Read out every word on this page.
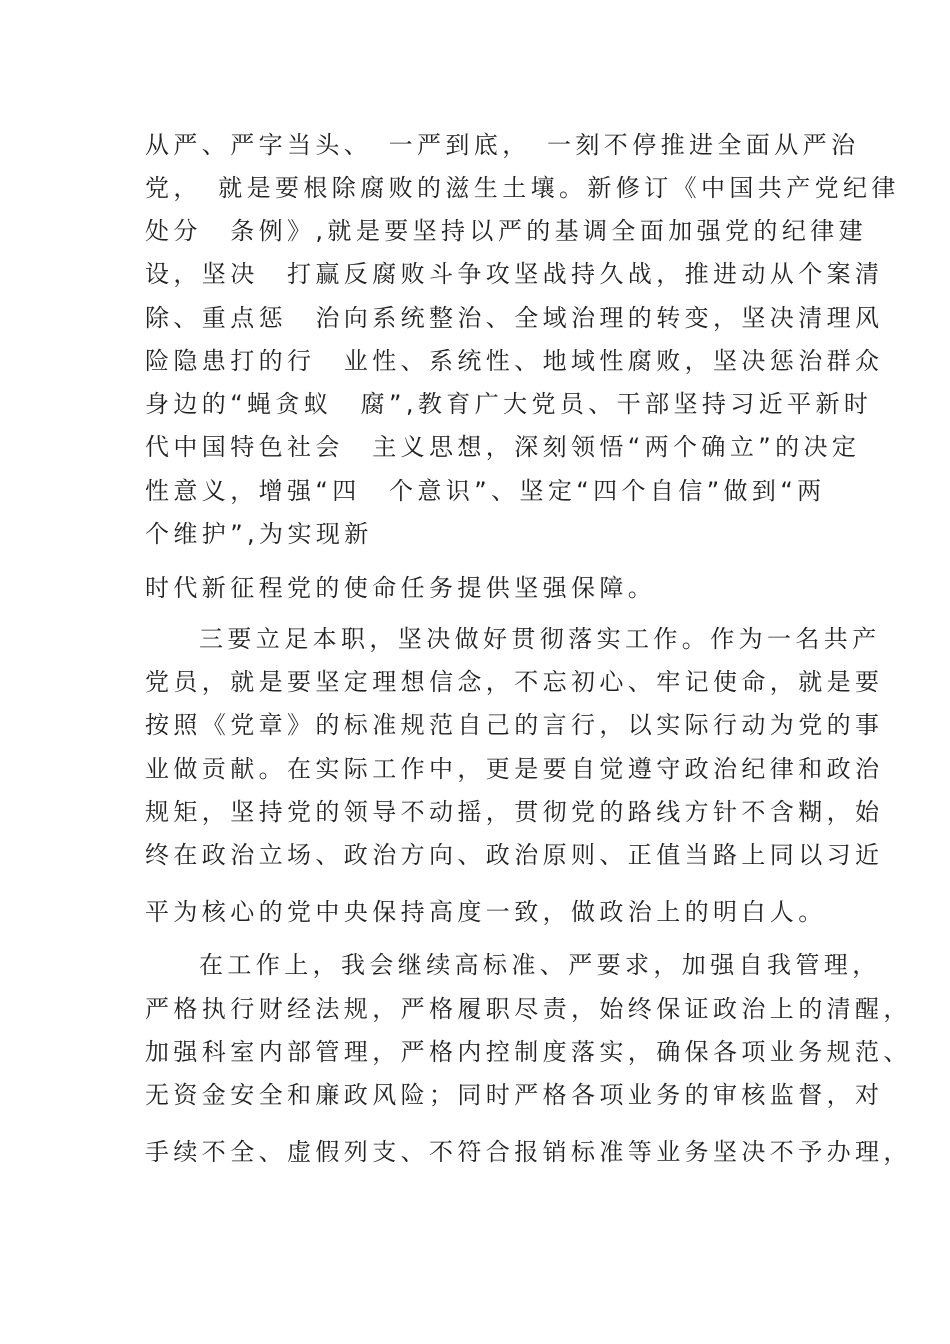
从严、严字当头、　一严到底，　一刻不停推进全面从严治
党，　就是要根除腐败的滋生土壤。新修订《中国共产党纪律
处分　条例》,就是要坚持以严的基调全面加强党的纪律建
设，坚决　打赢反腐败斗争攻坚战持久战，推进动从个案清
除、重点惩　治向系统整治、全域治理的转变，坚决清理风
险隐患打的行　业性、系统性、地域性腐败，坚决惩治群众
身边的“蝇贪蚁　腐”,教育广大党员、干部坚持习近平新时
代中国特色社会　主义思想，深刻领悟“两个确立”的决定
性意义，增强“四　个意识”、坚定“四个自信”做到“两
个维护”,为实现新
时代新征程党的使命任务提供坚强保障。
三要立足本职，坚决做好贯彻落实工作。作为一名共产
党员，就是要坚定理想信念，不忘初心、牢记使命，就是要
按照《党章》的标准规范自己的言行，以实际行动为党的事
业做贡献。在实际工作中，更是要自觉遵守政治纪律和政治
规矩，坚持党的领导不动摇，贯彻党的路线方针不含糊，始
终在政治立场、政治方向、政治原则、正值当路上同以习近
平为核心的党中央保持高度一致，做政治上的明白人。
在工作上，我会继续高标准、严要求，加强自我管理，
严格执行财经法规，严格履职尽责，始终保证政治上的清醒，
加强科室内部管理，严格内控制度落实，确保各项业务规范、
无资金安全和廉政风险；同时严格各项业务的审核监督，对
手续不全、虚假列支、不符合报销标准等业务坚决不予办理，
